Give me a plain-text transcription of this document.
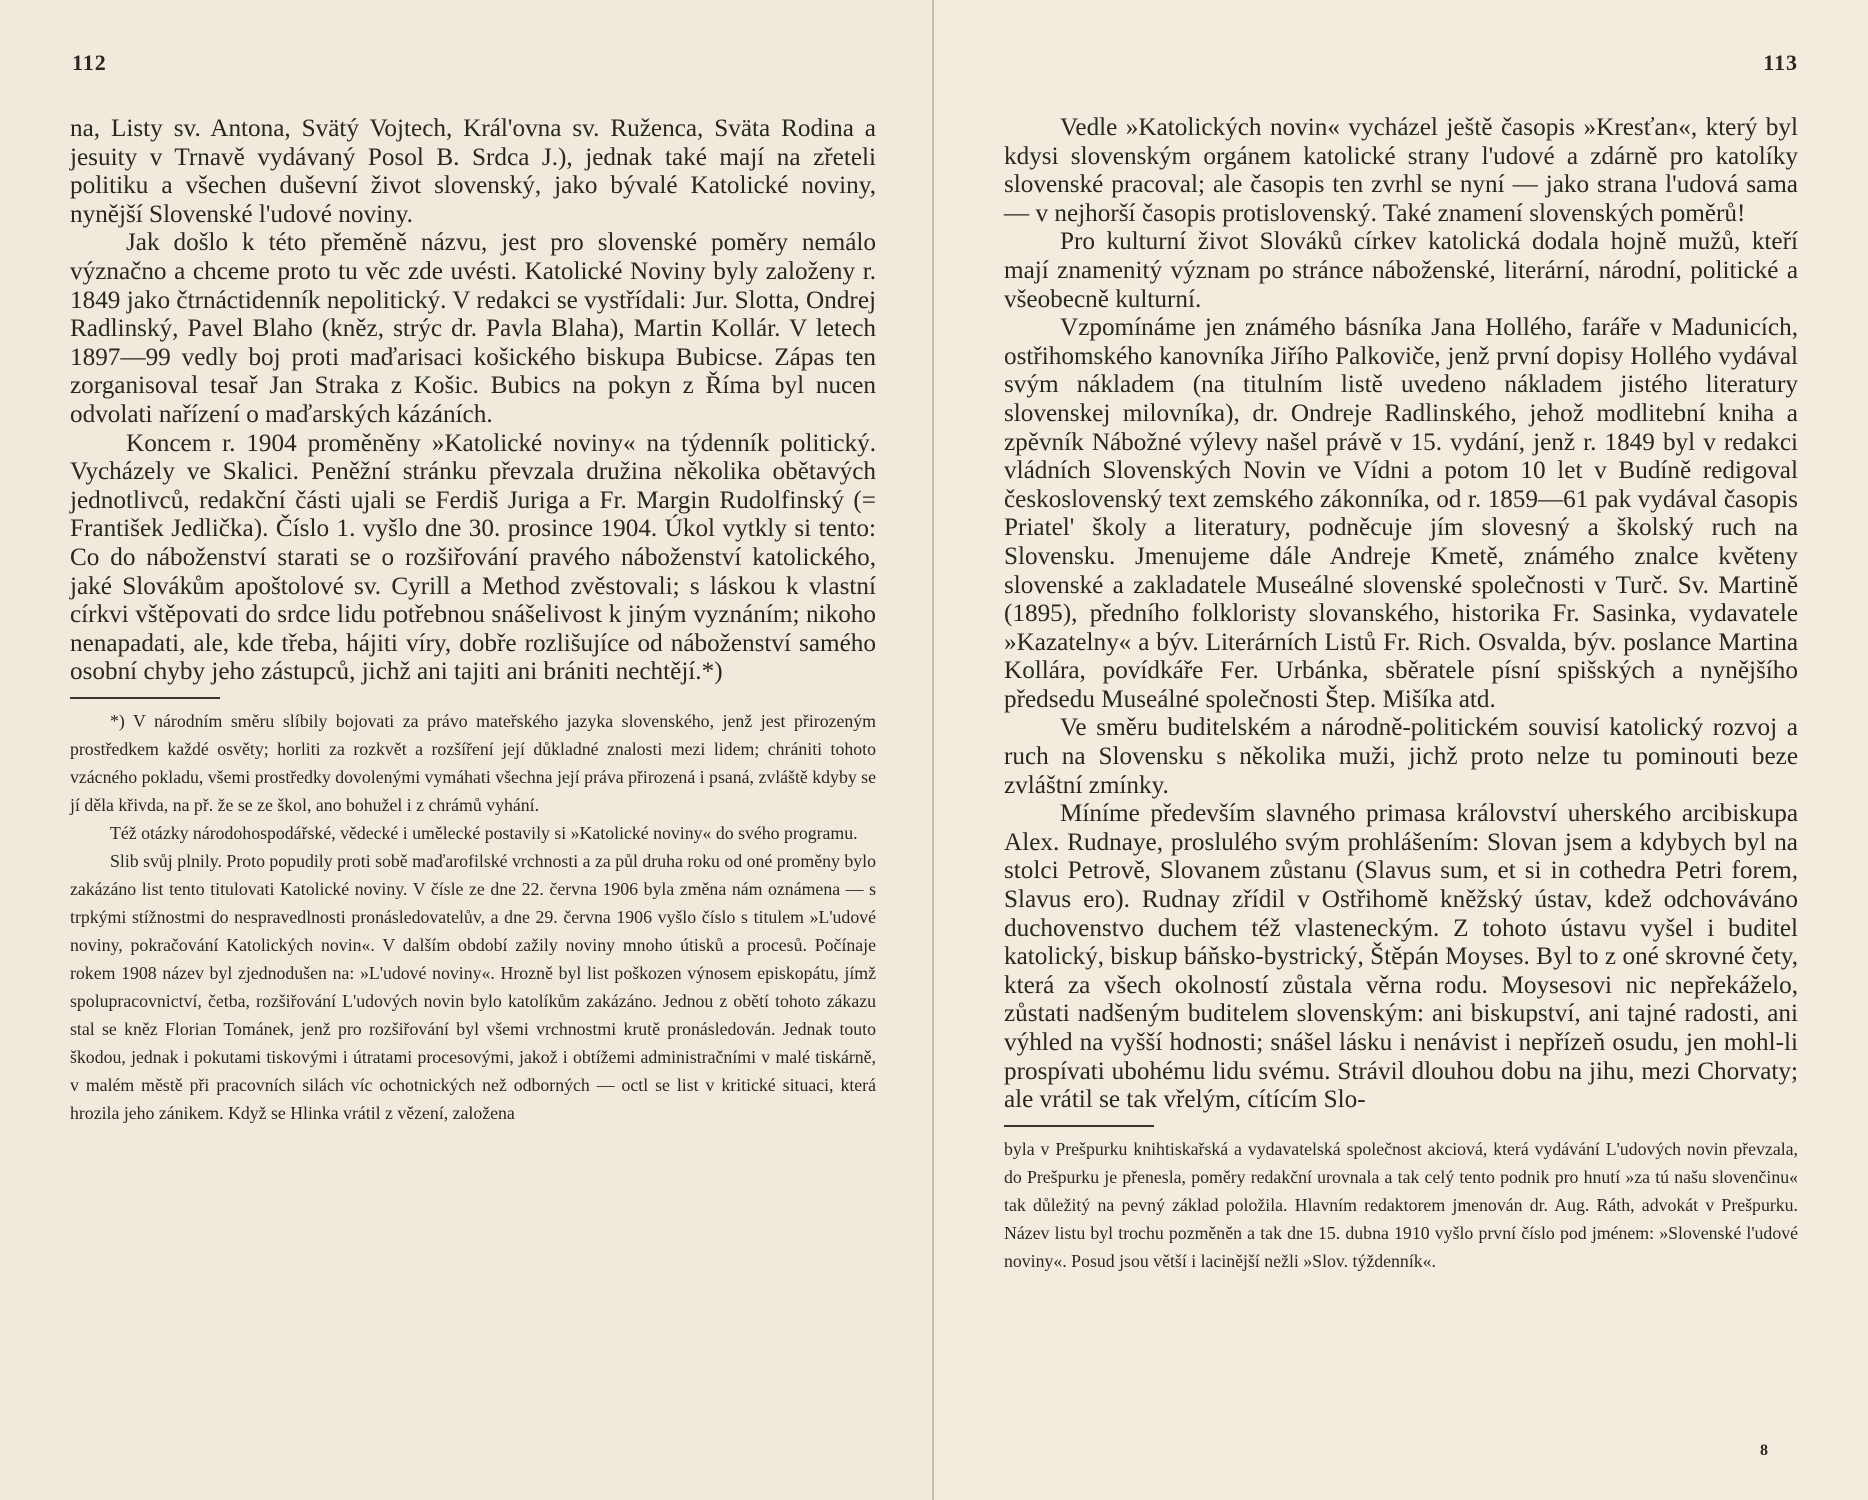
112

na, Listy sv. Antona, Svätý Vojtech, Král'ovna sv. Ruženca, Sväta Rodina a jesuity v Trnavě vydávaný Posol B. Srdca J.), jednak také mají na zřeteli politiku a všechen duševní život slovenský, jako bývalé Katolické noviny, nynější Slovenské l'udové noviny.

Jak došlo k této přeměně názvu, jest pro slovenské poměry nemálo význačno a chceme proto tu věc zde uvésti. Katolické Noviny byly založeny r. 1849 jako čtrnáctidenník nepolitický. V redakci se vystřídali: Jur. Slotta, Ondrej Radlinský, Pavel Blaho (kněz, strýc dr. Pavla Blaha), Martin Kollár. V letech 1897—99 vedly boj proti maďarisaci košického biskupa Bubicse. Zápas ten zorganisoval tesař Jan Straka z Košic. Bubics na pokyn z Říma byl nucen odvolati nařízení o maďarských kázáních.

Koncem r. 1904 proměněny »Katolické noviny« na týdenník politický. Vycházely ve Skalici. Peněžní stránku převzala družina několika obětavých jednotlivců, redakční části ujali se Ferdiš Juriga a Fr. Margin Rudolfinský (= František Jedlička). Číslo 1. vyšlo dne 30. prosince 1904. Úkol vytkly si tento: Co do náboženství starati se o rozšiřování pravého náboženství katolického, jaké Slovákům apoštolové sv. Cyrill a Method zvěstovali; s láskou k vlastní církvi vštěpovati do srdce lidu potřebnou snášelivost k jiným vyznáním; nikoho nenapadati, ale, kde třeba, hájiti víry, dobře rozlišujíce od náboženství samého osobní chyby jeho zástupců, jichž ani tajiti ani brániti nechtějí.*)

*) V národním směru slíbily bojovati za právo mateřského jazyka slovenského, jenž jest přirozeným prostředkem každé osvěty; horliti za rozkvět a rozšíření její důkladné znalosti mezi lidem; chrániti tohoto vzácného pokladu, všemi prostředky dovolenými vymáhati všechna její práva přirozená i psaná, zvláště kdyby se jí děla křivda, na př. že se ze škol, ano bohužel i z chrámů vyhání.

Též otázky národohospodářské, vědecké i umělecké postavily si »Katolické noviny« do svého programu.

Slib svůj plnily. Proto popudily proti sobě maďarofilské vrchnosti a za půl druha roku od oné proměny bylo zakázáno list tento titulovati Katolické noviny. V čísle ze dne 22. června 1906 byla změna nám oznámena — s trpkými stížnostmi do nespravedlnosti pronásledovatelův, a dne 29. června 1906 vyšlo číslo s titulem »L'udové noviny, pokračování Katolických novin«. V dalším období zažily noviny mnoho útisků a procesů. Počínaje rokem 1908 název byl zjednodušen na: »L'udové noviny«. Hrozně byl list poškozen výnosem episkopátu, jímž spolupracovnictví, četba, rozšiřování L'udových novin bylo katolíkům zakázáno. Jednou z obětí tohoto zákazu stal se kněz Florian Tománek, jenž pro rozšiřování byl všemi vrchnostmi krutě pronásledován. Jednak touto škodou, jednak i pokutami tiskovými i útratami procesovými, jakož i obtížemi administračními v malé tiskárně, v malém městě při pracovních silách víc ochotnických než odborných — octl se list v kritické situaci, která hrozila jeho zánikem. Když se Hlinka vrátil z vězení, založena

113

Vedle »Katolických novin« vycházel ještě časopis »Kresťan«, který byl kdysi slovenským orgánem katolické strany l'udové a zdárně pro katolíky slovenské pracoval; ale časopis ten zvrhl se nyní — jako strana l'udová sama — v nejhorší časopis protislovenský. Také znamení slovenských poměrů!

Pro kulturní život Slováků církev katolická dodala hojně mužů, kteří mají znamenitý význam po stránce náboženské, literární, národní, politické a všeobecně kulturní.

Vzpomínáme jen známého básníka Jana Hollého, faráře v Madunicích, ostřihomského kanovníka Jiřího Palkoviče, jenž první dopisy Hollého vydával svým nákladem (na titulním listě uvedeno nákladem jistého literatury slovenskej milovníka), dr. Ondreje Radlinského, jehož modlitební kniha a zpěvník Nábožné výlevy našel právě v 15. vydání, jenž r. 1849 byl v redakci vládních Slovenských Novin ve Vídni a potom 10 let v Budíně redigoval československý text zemského zákonníka, od r. 1859—61 pak vydával časopis Priatel' školy a literatury, podněcuje jím slovesný a školský ruch na Slovensku. Jmenujeme dále Andreje Kmetě, známého znalce květeny slovenské a zakladatele Museálné slovenské společnosti v Turč. Sv. Martině (1895), předního folkloristy slovanského, historika Fr. Sasinka, vydavatele »Kazatelny« a býv. Literárních Listů Fr. Rich. Osvalda, býv. poslance Martina Kollára, povídkáře Fer. Urbánka, sběratele písní spišských a nynějšího předsedu Museálné společnosti Štep. Mišíka atd.

Ve směru buditelském a národně-politickém souvisí katolický rozvoj a ruch na Slovensku s několika muži, jichž proto nelze tu pominouti beze zvláštní zmínky.

Míníme především slavného primasa království uherského arcibiskupa Alex. Rudnaye, proslulého svým prohlášením: Slovan jsem a kdybych byl na stolci Petrově, Slovanem zůstanu (Slavus sum, et si in cothedra Petri forem, Slavus ero). Rudnay zřídil v Ostřihomě kněžský ústav, kdež odchováváno duchovenstvo duchem též vlasteneckým. Z tohoto ústavu vyšel i buditel katolický, biskup báňsko-bystrický, Štěpán Moyses. Byl to z oné skrovné čety, která za všech okolností zůstala věrna rodu. Moysesovi nic nepřekáželo, zůstati nadšeným buditelem slovenským: ani biskupství, ani tajné radosti, ani výhled na vyšší hodnosti; snášel lásku i nenávist i nepřízeň osudu, jen mohl-li prospívati ubohému lidu svému. Strávil dlouhou dobu na jihu, mezi Chorvaty; ale vrátil se tak vřelým, cítícím Slo-

byla v Prešpurku knihtiskařská a vydavatelská společnost akciová, která vydávání L'udových novin převzala, do Prešpurku je přenesla, poměry redakční urovnala a tak celý tento podnik pro hnutí »za tú našu slovenčinu« tak důležitý na pevný základ položila. Hlavním redaktorem jmenován dr. Aug. Ráth, advokát v Prešpurku. Název listu byl trochu pozměněn a tak dne 15. dubna 1910 vyšlo první číslo pod jménem: »Slovenské l'udové noviny«. Posud jsou větší i lacinější nežli »Slov. týždenník«.

8
